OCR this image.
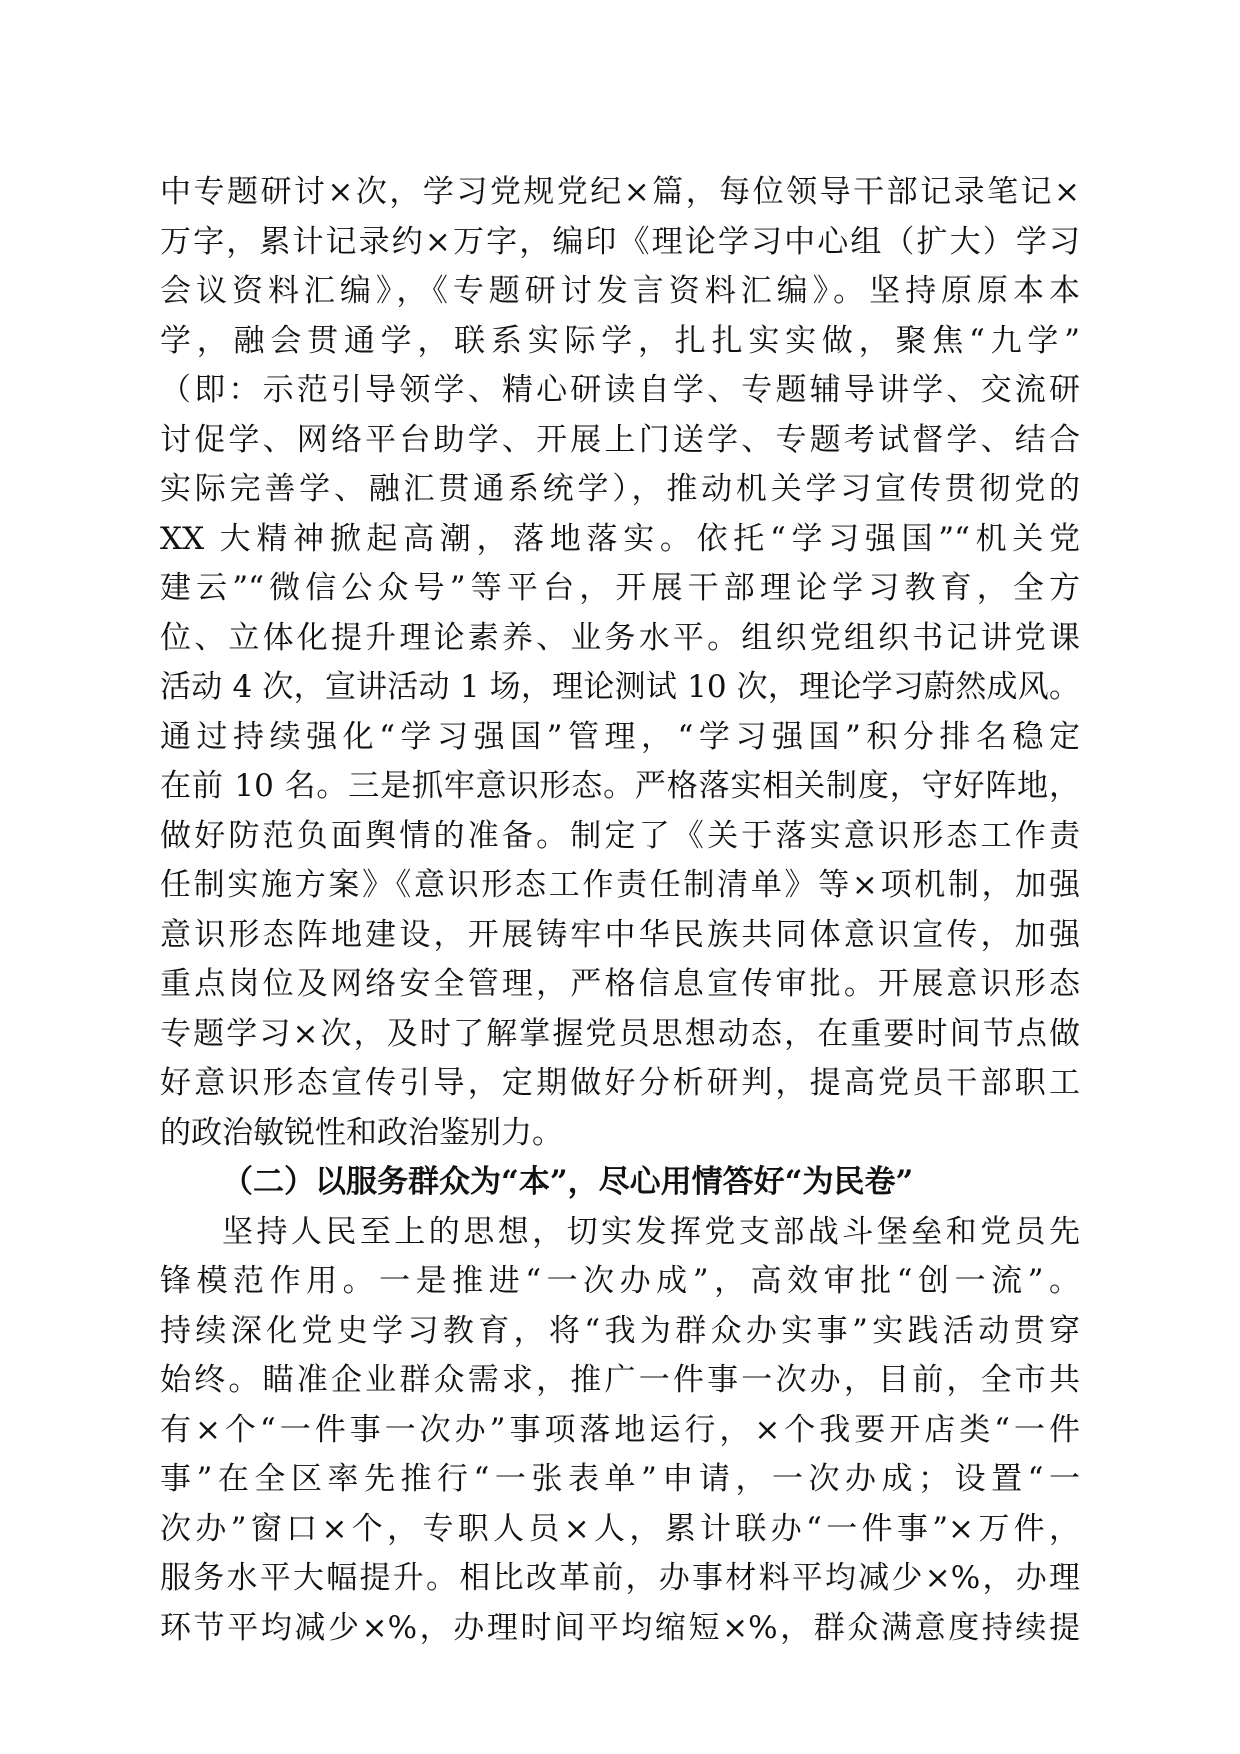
中专题研讨×次，学习党规党纪×篇，每位领导干部记录笔记×
万字，累计记录约×万字，编印《理论学习中心组（扩大）学习
会议资料汇编》，《专题研讨发言资料汇编》。坚持原原本本
学，融会贯通学，联系实际学，扎扎实实做，聚焦“九学”
（即：示范引导领学、精心研读自学、专题辅导讲学、交流研
讨促学、网络平台助学、开展上门送学、专题考试督学、结合
实际完善学、融汇贯通系统学），推动机关学习宣传贯彻党的
XX 大精神掀起高潮，落地落实。依托“学习强国”“机关党
建云”“微信公众号”等平台，开展干部理论学习教育，全方
位、立体化提升理论素养、业务水平。组织党组织书记讲党课
活动 4 次，宣讲活动 1 场，理论测试 10 次，理论学习蔚然成风。
通过持续强化“学习强国”管理，“学习强国”积分排名稳定
在前 10 名。三是抓牢意识形态。严格落实相关制度，守好阵地，
做好防范负面舆情的准备。制定了《关于落实意识形态工作责
任制实施方案》《意识形态工作责任制清单》等×项机制，加强
意识形态阵地建设，开展铸牢中华民族共同体意识宣传，加强
重点岗位及网络安全管理，严格信息宣传审批。开展意识形态
专题学习×次，及时了解掌握党员思想动态，在重要时间节点做
好意识形态宣传引导，定期做好分析研判，提高党员干部职工
的政治敏锐性和政治鉴别力。
（二）以服务群众为“本”，尽心用情答好“为民卷”
坚持人民至上的思想，切实发挥党支部战斗堡垒和党员先
锋模范作用。一是推进“一次办成”，高效审批“创一流”。
持续深化党史学习教育，将“我为群众办实事”实践活动贯穿
始终。瞄准企业群众需求，推广一件事一次办，目前，全市共
有×个“一件事一次办”事项落地运行，×个我要开店类“一件
事”在全区率先推行“一张表单”申请，一次办成；设置“一
次办”窗口×个，专职人员×人，累计联办“一件事”×万件，
服务水平大幅提升。相比改革前，办事材料平均减少×%，办理
环节平均减少×%，办理时间平均缩短×%，群众满意度持续提
